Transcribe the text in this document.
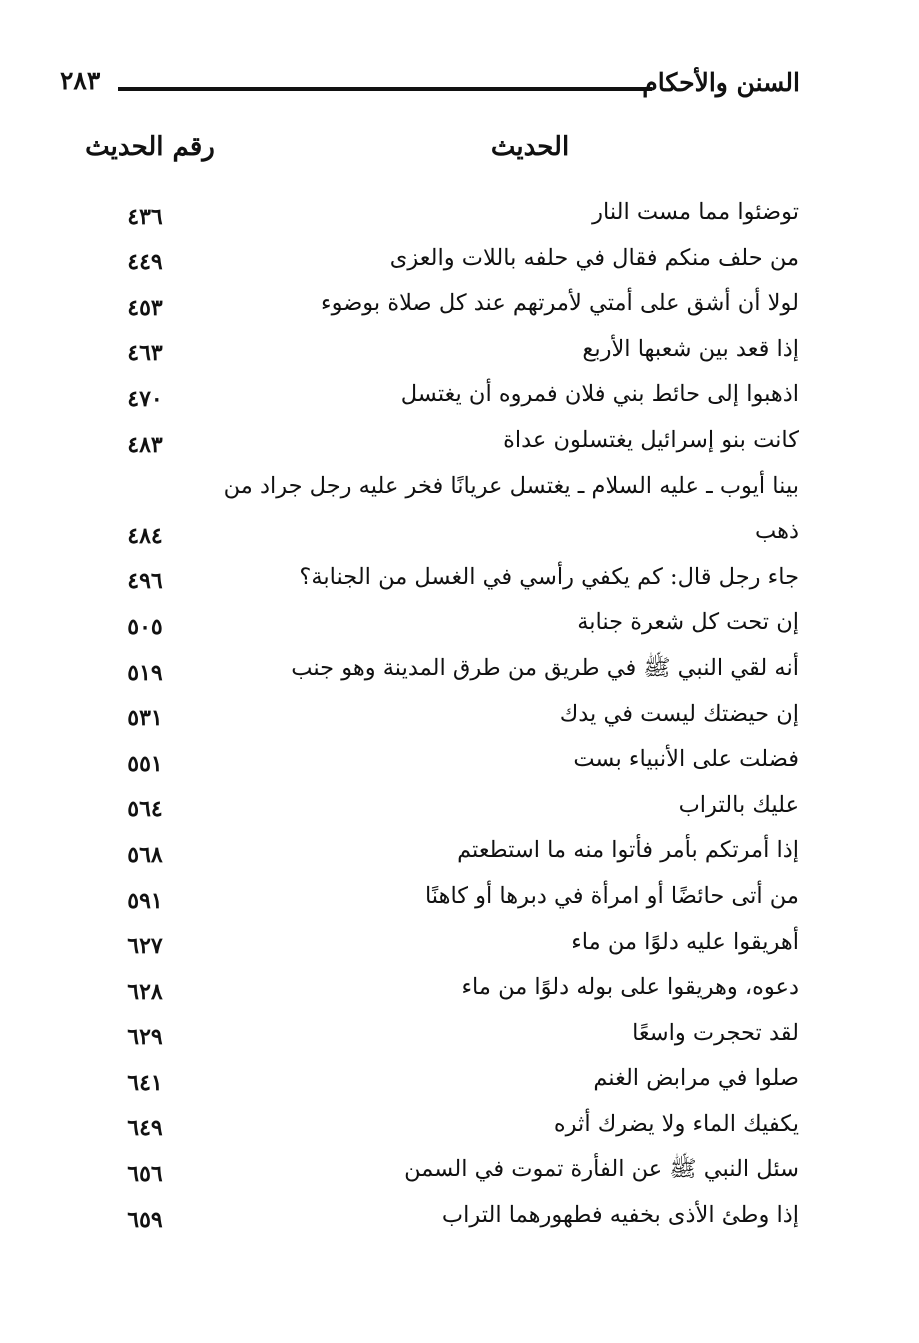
السنن والأحكام
٢٨٣
الحديث
رقم الحديث
توضئوا مما مست النار
٤٣٦
من حلف منكم فقال في حلفه باللات والعزى
٤٤٩
لولا أن أشق على أمتي لأمرتهم عند كل صلاة بوضوء
٤٥٣
إذا قعد بين شعبها الأربع
٤٦٣
اذهبوا إلى حائط بني فلان فمروه أن يغتسل
٤٧٠
كانت بنو إسرائيل يغتسلون عداة
٤٨٣
بينا أيوب ـ عليه السلام ـ يغتسل عريانًا فخر عليه رجل جراد من ذهب
٤٨٤
جاء رجل قال: كم يكفي رأسي في الغسل من الجنابة؟
٤٩٦
إن تحت كل شعرة جنابة
٥٠٥
أنه لقي النبي ﷺ في طريق من طرق المدينة وهو جنب
٥١٩
إن حيضتك ليست في يدك
٥٣١
فضلت على الأنبياء بست
٥٥١
عليك بالتراب
٥٦٤
إذا أمرتكم بأمر فأتوا منه ما استطعتم
٥٦٨
من أتى حائضًا أو امرأة في دبرها أو كاهنًا
٥٩١
أهريقوا عليه دلوًا من ماء
٦٢٧
دعوه، وهريقوا على بوله دلوًا من ماء
٦٢٨
لقد تحجرت واسعًا
٦٢٩
صلوا في مرابض الغنم
٦٤١
يكفيك الماء ولا يضرك أثره
٦٤٩
سئل النبي ﷺ عن الفأرة تموت في السمن
٦٥٦
إذا وطئ الأذى بخفيه فطهورهما التراب
٦٥٩
